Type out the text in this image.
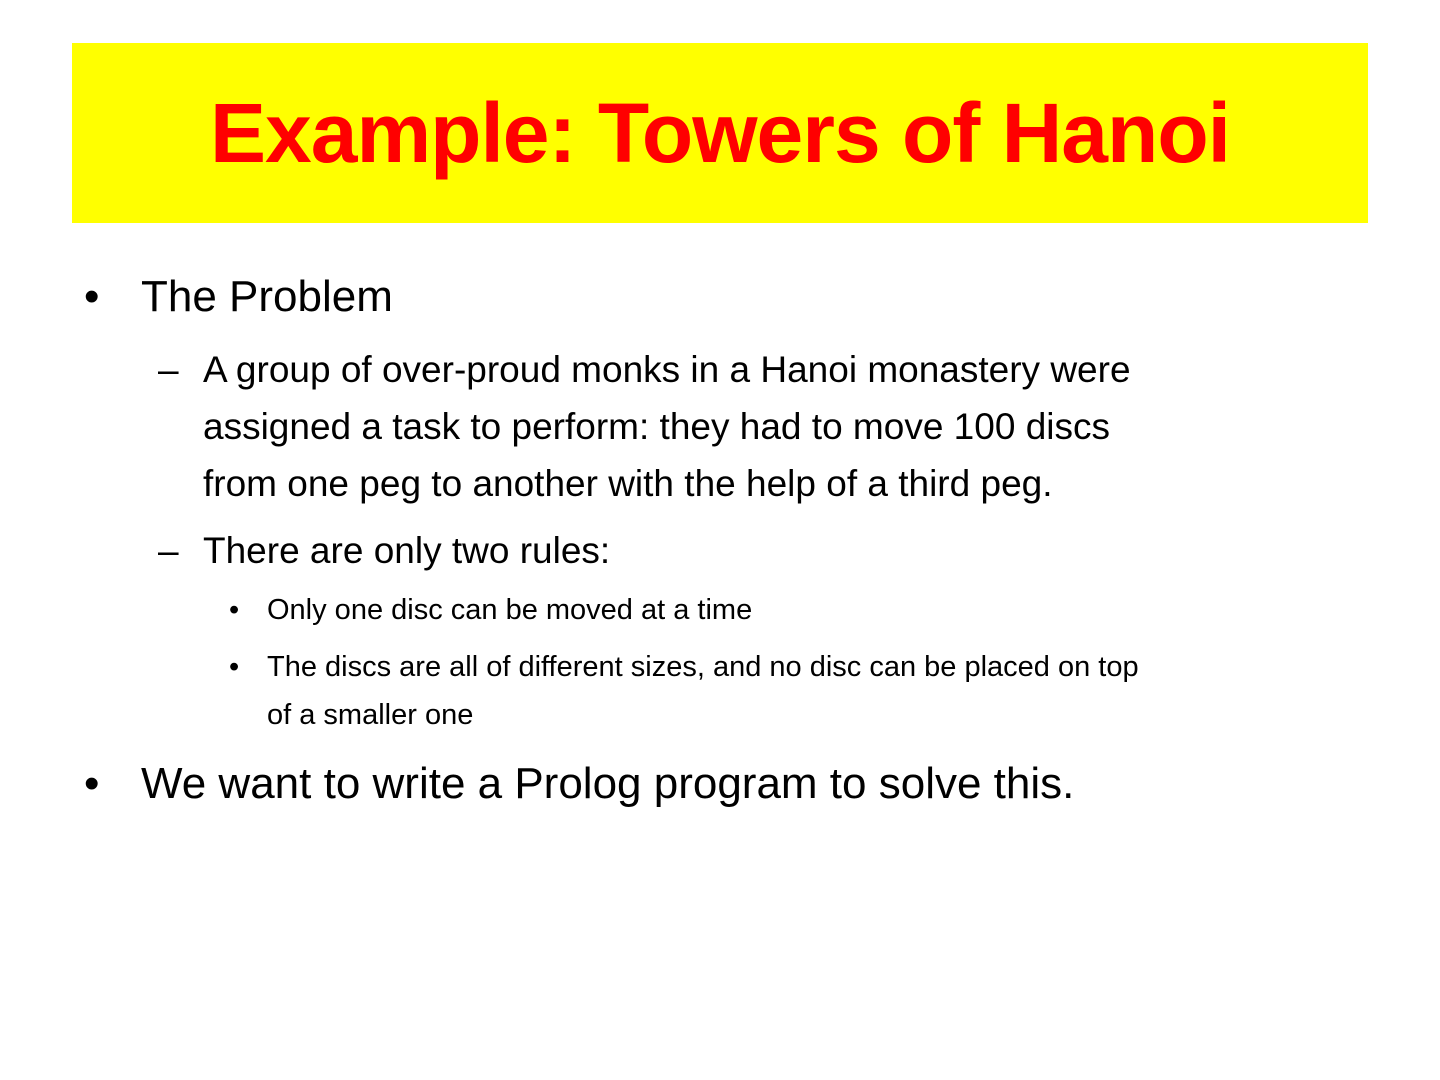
Example: Towers of Hanoi
• The Problem
– A group of over-proud monks in a Hanoi monastery were
assigned a task to perform: they had to move 100 discs
from one peg to another with the help of a third peg.
– There are only two rules:
• Only one disc can be moved at a time
• The discs are all of different sizes, and no disc can be placed on top
of a smaller one
• We want to write a Prolog program to solve this.
